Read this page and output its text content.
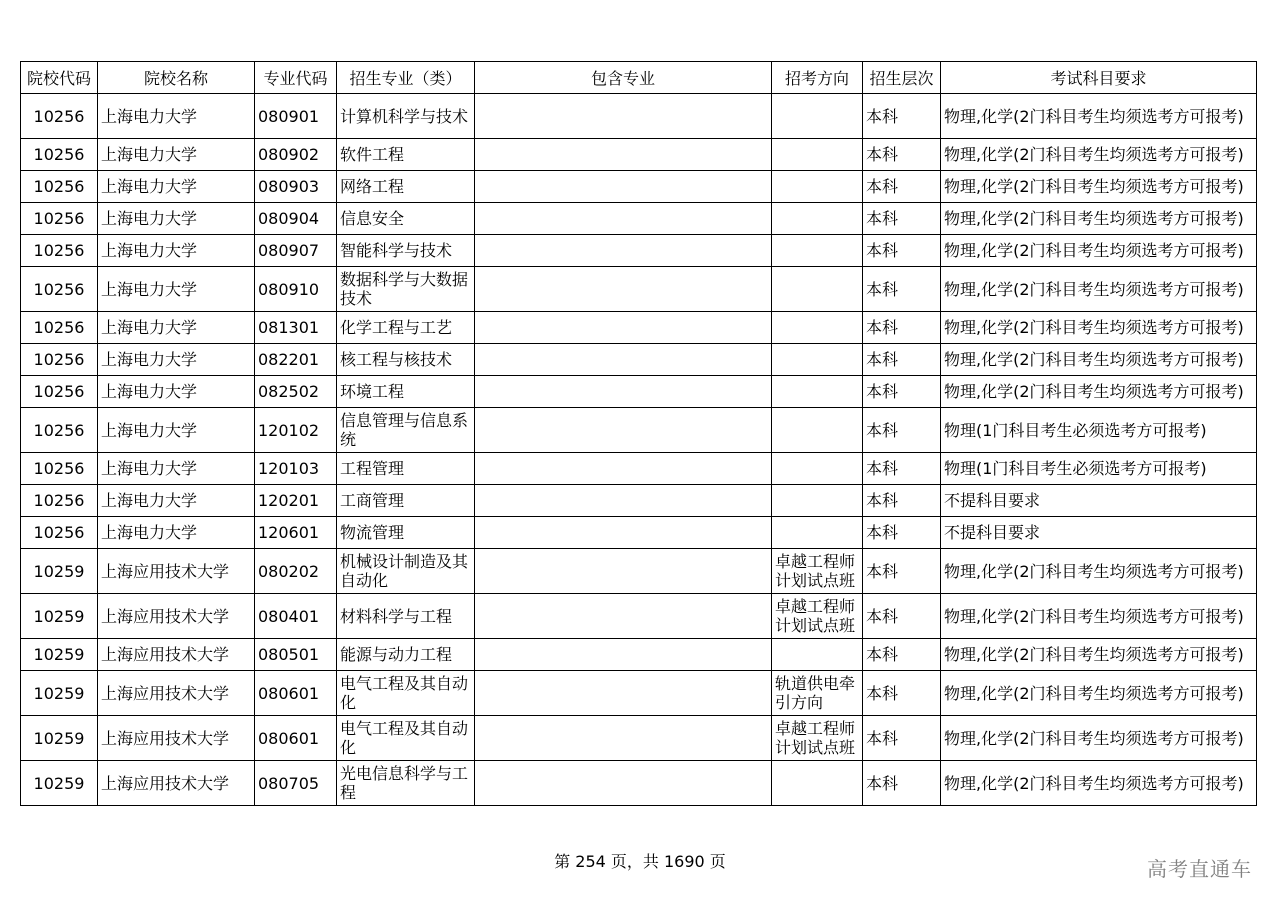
院校代码	院校名称	专业代码	招生专业（类）	包含专业	招考方向	招生层次	考试科目要求
10256	上海电力大学	080901	计算机科学与技术			本科	物理,化学(2门科目考生均须选考方可报考)
10256	上海电力大学	080902	软件工程			本科	物理,化学(2门科目考生均须选考方可报考)
10256	上海电力大学	080903	网络工程			本科	物理,化学(2门科目考生均须选考方可报考)
10256	上海电力大学	080904	信息安全			本科	物理,化学(2门科目考生均须选考方可报考)
10256	上海电力大学	080907	智能科学与技术			本科	物理,化学(2门科目考生均须选考方可报考)
10256	上海电力大学	080910	数据科学与大数据技术			本科	物理,化学(2门科目考生均须选考方可报考)
10256	上海电力大学	081301	化学工程与工艺			本科	物理,化学(2门科目考生均须选考方可报考)
10256	上海电力大学	082201	核工程与核技术			本科	物理,化学(2门科目考生均须选考方可报考)
10256	上海电力大学	082502	环境工程			本科	物理,化学(2门科目考生均须选考方可报考)
10256	上海电力大学	120102	信息管理与信息系统			本科	物理(1门科目考生必须选考方可报考)
10256	上海电力大学	120103	工程管理			本科	物理(1门科目考生必须选考方可报考)
10256	上海电力大学	120201	工商管理			本科	不提科目要求
10256	上海电力大学	120601	物流管理			本科	不提科目要求
10259	上海应用技术大学	080202	机械设计制造及其自动化		卓越工程师计划试点班	本科	物理,化学(2门科目考生均须选考方可报考)
10259	上海应用技术大学	080401	材料科学与工程		卓越工程师计划试点班	本科	物理,化学(2门科目考生均须选考方可报考)
10259	上海应用技术大学	080501	能源与动力工程			本科	物理,化学(2门科目考生均须选考方可报考)
10259	上海应用技术大学	080601	电气工程及其自动化		轨道供电牵引方向	本科	物理,化学(2门科目考生均须选考方可报考)
10259	上海应用技术大学	080601	电气工程及其自动化		卓越工程师计划试点班	本科	物理,化学(2门科目考生均须选考方可报考)
10259	上海应用技术大学	080705	光电信息科学与工程			本科	物理,化学(2门科目考生均须选考方可报考)
第 254 页，共 1690 页	高考直通车
